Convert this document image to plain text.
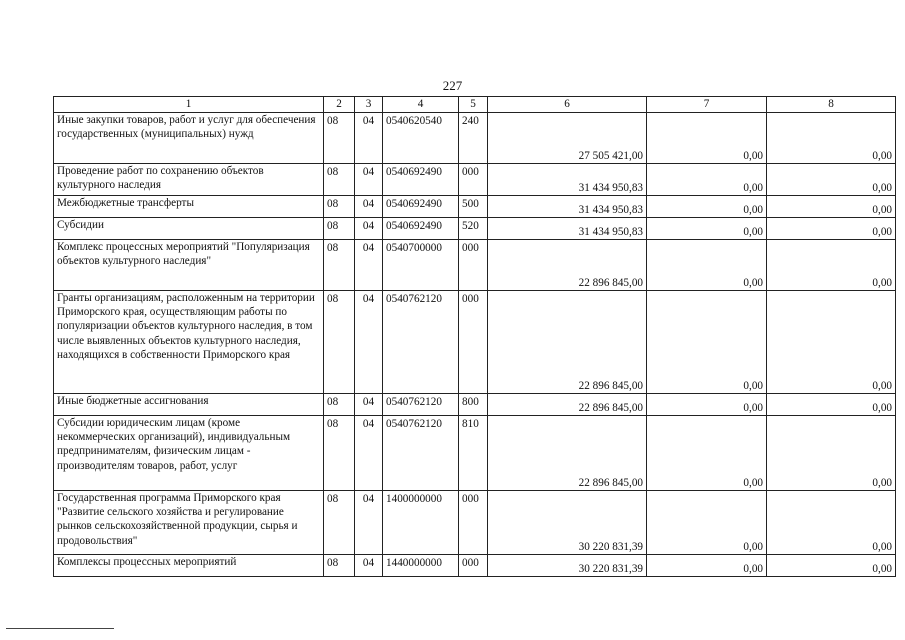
227
1	2	3	4	5	6	7	8
Иные закупки товаров, работ и услуг для обеспечения государственных (муниципальных) нужд	08	04	0540620540	240	27 505 421,00	0,00	0,00
Проведение работ по сохранению объектов культурного наследия	08	04	0540692490	000	31 434 950,83	0,00	0,00
Межбюджетные трансферты	08	04	0540692490	500	31 434 950,83	0,00	0,00
Субсидии	08	04	0540692490	520	31 434 950,83	0,00	0,00
Комплекс процессных мероприятий "Популяризация объектов культурного наследия"	08	04	0540700000	000	22 896 845,00	0,00	0,00
Гранты организациям, расположенным на территории Приморского края, осуществляющим работы по популяризации объектов культурного наследия, в том числе выявленных объектов культурного наследия, находящихся в собственности Приморского края	08	04	0540762120	000	22 896 845,00	0,00	0,00
Иные бюджетные ассигнования	08	04	0540762120	800	22 896 845,00	0,00	0,00
Субсидии юридическим лицам (кроме некоммерческих организаций), индивидуальным предпринимателям, физическим лицам - производителям товаров, работ, услуг	08	04	0540762120	810	22 896 845,00	0,00	0,00
Государственная программа Приморского края "Развитие сельского хозяйства и регулирование рынков сельскохозяйственной продукции, сырья и продовольствия"	08	04	1400000000	000	30 220 831,39	0,00	0,00
Комплексы процессных мероприятий	08	04	1440000000	000	30 220 831,39	0,00	0,00
